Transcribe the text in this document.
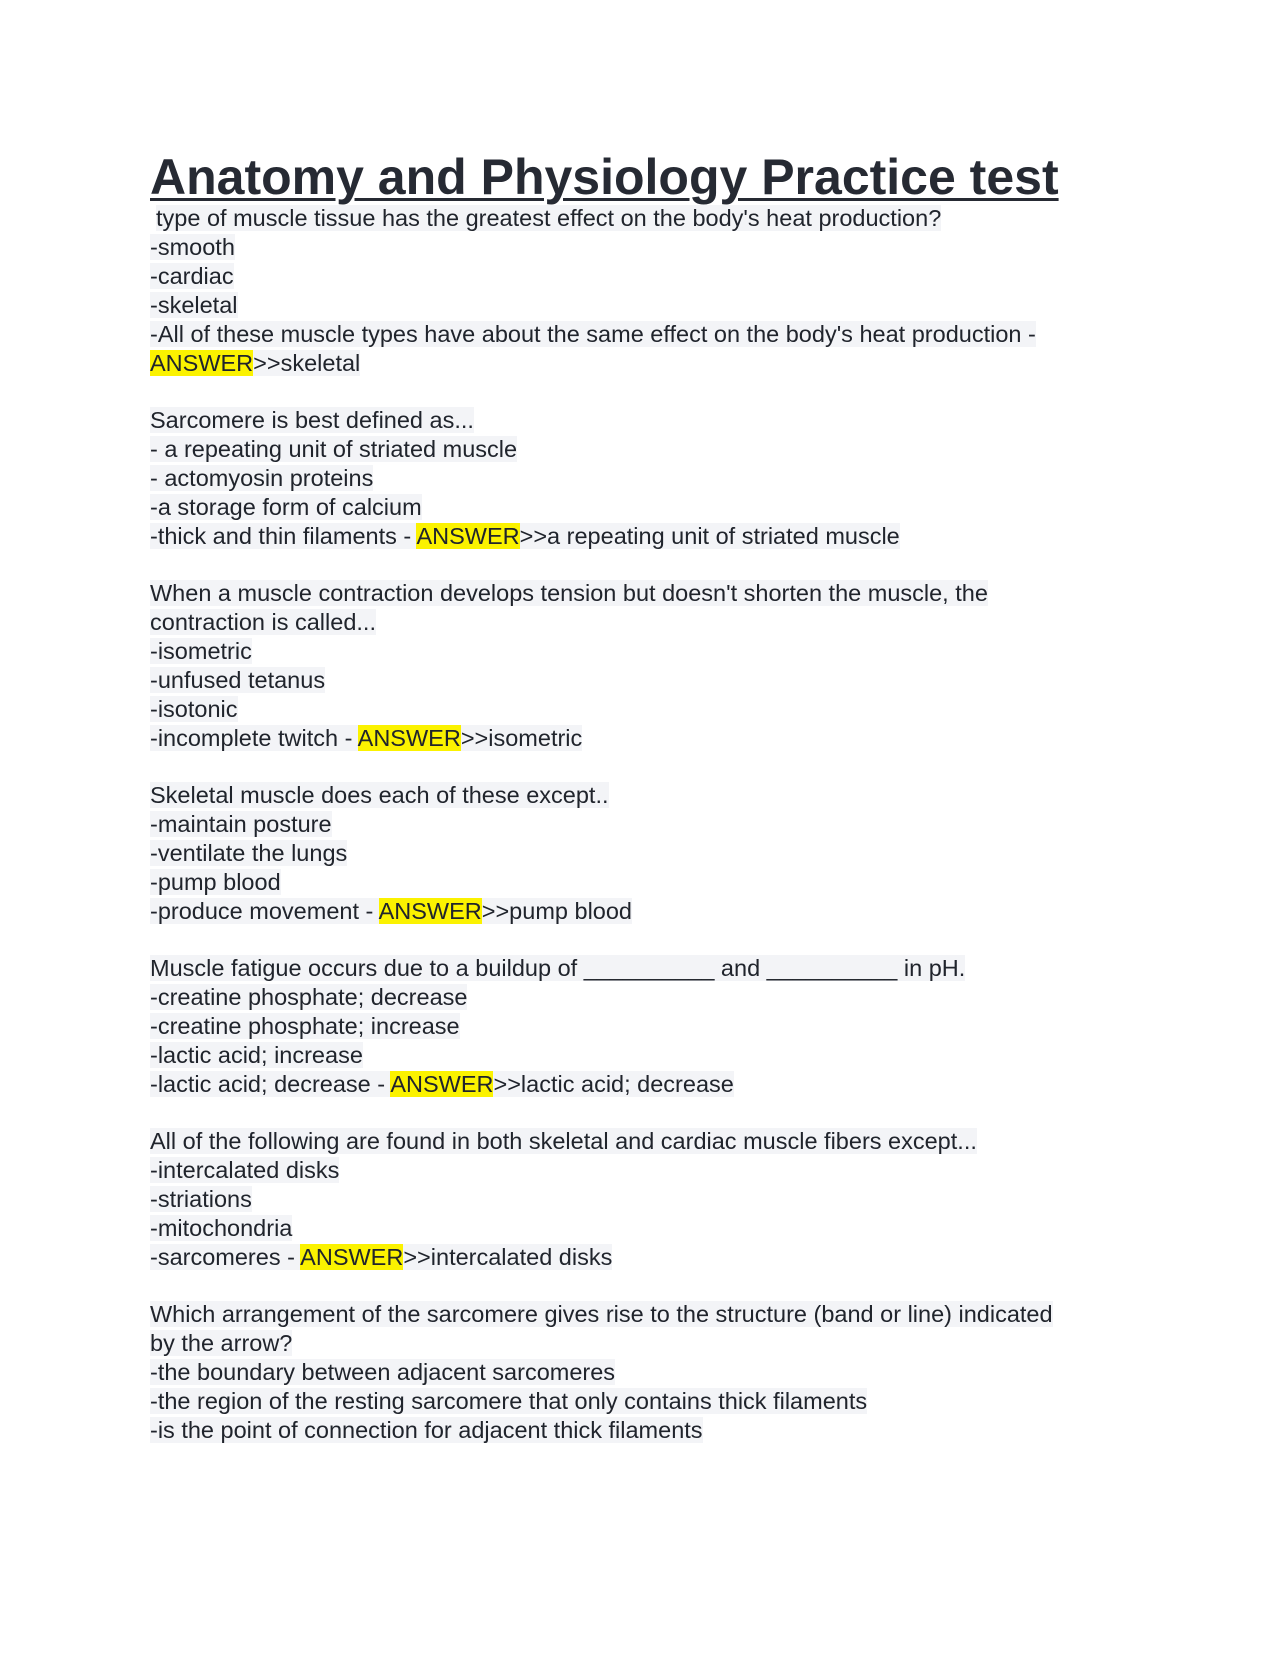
Anatomy and Physiology Practice test
type of muscle tissue has the greatest effect on the body's heat production?
-smooth
-cardiac
-skeletal
-All of these muscle types have about the same effect on the body's heat production -
ANSWER>>skeletal
Sarcomere is best defined as...
- a repeating unit of striated muscle
- actomyosin proteins
-a storage form of calcium
-thick and thin filaments - ANSWER>>a repeating unit of striated muscle
When a muscle contraction develops tension but doesn't shorten the muscle, the
contraction is called...
-isometric
-unfused tetanus
-isotonic
-incomplete twitch - ANSWER>>isometric
Skeletal muscle does each of these except..
-maintain posture
-ventilate the lungs
-pump blood
-produce movement - ANSWER>>pump blood
Muscle fatigue occurs due to a buildup of __________ and __________ in pH.
-creatine phosphate; decrease
-creatine phosphate; increase
-lactic acid; increase
-lactic acid; decrease - ANSWER>>lactic acid; decrease
All of the following are found in both skeletal and cardiac muscle fibers except...
-intercalated disks
-striations
-mitochondria
-sarcomeres - ANSWER>>intercalated disks
Which arrangement of the sarcomere gives rise to the structure (band or line) indicated
by the arrow?
-the boundary between adjacent sarcomeres
-the region of the resting sarcomere that only contains thick filaments
-is the point of connection for adjacent thick filaments
